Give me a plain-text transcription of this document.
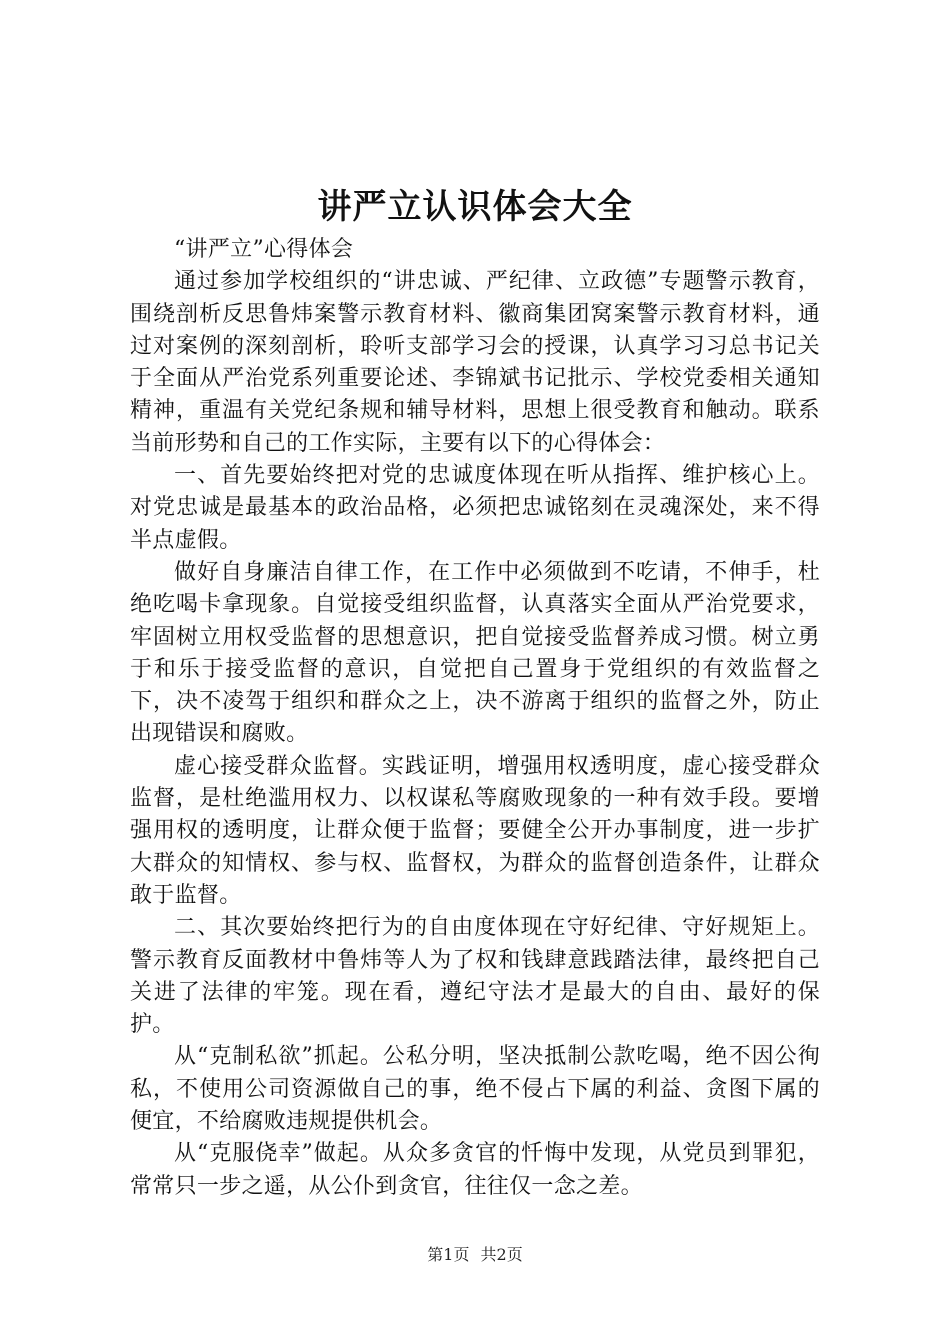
讲严立认识体会大全

“讲严立”心得体会

通过参加学校组织的“讲忠诚、严纪律、立政德”专题警示教育，围绕剖析反思鲁炜案警示教育材料、徽商集团窝案警示教育材料，通过对案例的深刻剖析，聆听支部学习会的授课，认真学习习总书记关于全面从严治党系列重要论述、李锦斌书记批示、学校党委相关通知精神，重温有关党纪条规和辅导材料，思想上很受教育和触动。联系当前形势和自己的工作实际，主要有以下的心得体会：

一、首先要始终把对党的忠诚度体现在听从指挥、维护核心上。对党忠诚是最基本的政治品格，必须把忠诚铭刻在灵魂深处，来不得半点虚假。

做好自身廉洁自律工作，在工作中必须做到不吃请，不伸手，杜绝吃喝卡拿现象。自觉接受组织监督，认真落实全面从严治党要求，牢固树立用权受监督的思想意识，把自觉接受监督养成习惯。树立勇于和乐于接受监督的意识，自觉把自己置身于党组织的有效监督之下，决不凌驾于组织和群众之上，决不游离于组织的监督之外，防止出现错误和腐败。

虚心接受群众监督。实践证明，增强用权透明度，虚心接受群众监督，是杜绝滥用权力、以权谋私等腐败现象的一种有效手段。要增强用权的透明度，让群众便于监督；要健全公开办事制度，进一步扩大群众的知情权、参与权、监督权，为群众的监督创造条件，让群众敢于监督。

二、其次要始终把行为的自由度体现在守好纪律、守好规矩上。警示教育反面教材中鲁炜等人为了权和钱肆意践踏法律，最终把自己关进了法律的牢笼。现在看，遵纪守法才是最大的自由、最好的保护。

从“克制私欲”抓起。公私分明，坚决抵制公款吃喝，绝不因公徇私，不使用公司资源做自己的事，绝不侵占下属的利益、贪图下属的便宜，不给腐败违规提供机会。

从“克服侥幸”做起。从众多贪官的忏悔中发现，从党员到罪犯，常常只一步之遥，从公仆到贪官，往往仅一念之差。

第1页 共2页
